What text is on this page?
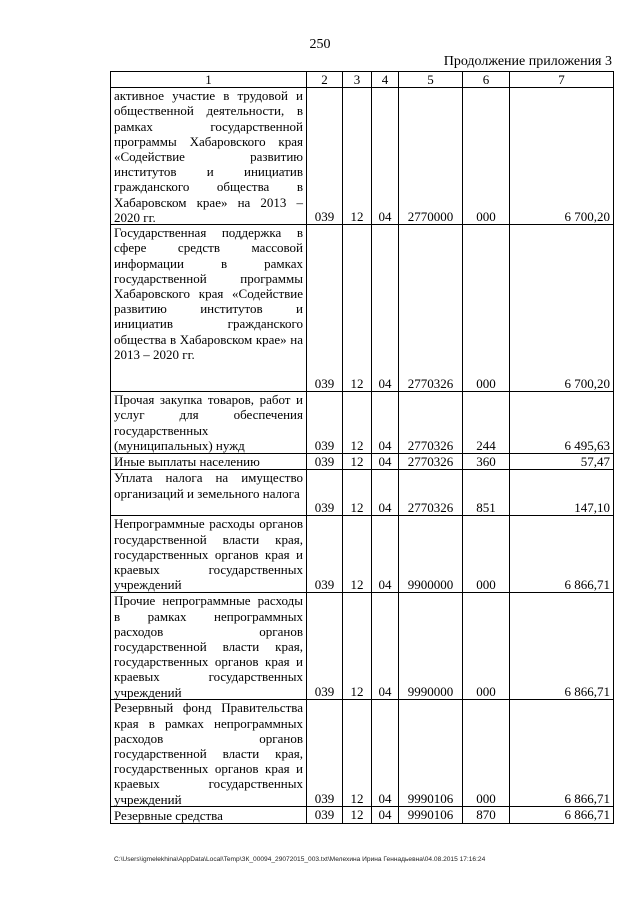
250
Продолжение приложения 3
1	2	3	4	5	6	7

активное участие в трудовой и общественной деятельности, в рамках государственной программы Хабаровского края «Содействие развитию институтов и инициатив гражданского общества в Хабаровском крае» на 2013 – 2020 гг.	039	12	04	2770000	000	6 700,20

Государственная поддержка в сфере средств массовой информации в рамках государственной программы Хабаровского края «Содействие развитию институтов и инициатив гражданского общества в Хабаровском крае» на 2013 – 2020 гг.	039	12	04	2770326	000	6 700,20

Прочая закупка товаров, работ и услуг для обеспечения государственных (муниципальных) нужд	039	12	04	2770326	244	6 495,63

Иные выплаты населению	039	12	04	2770326	360	57,47

Уплата налога на имущество организаций и земельного налога	039	12	04	2770326	851	147,10

Непрограммные расходы органов государственной власти края, государственных органов края и краевых государственных учреждений	039	12	04	9900000	000	6 866,71

Прочие непрограммные расходы в рамках непрограммных расходов органов государственной власти края, государственных органов края и краевых государственных учреждений	039	12	04	9990000	000	6 866,71

Резервный фонд Правительства края в рамках непрограммных расходов органов государственной власти края, государственных органов края и краевых государственных учреждений	039	12	04	9990106	000	6 866,71

Резервные средства	039	12	04	9990106	870	6 866,71
C:\Users\igmelekhina\AppData\Local\Temp\ЗК_00094_29072015_003.txt\Мелехина Ирина Геннадьевна\04.08.2015 17:16:24
